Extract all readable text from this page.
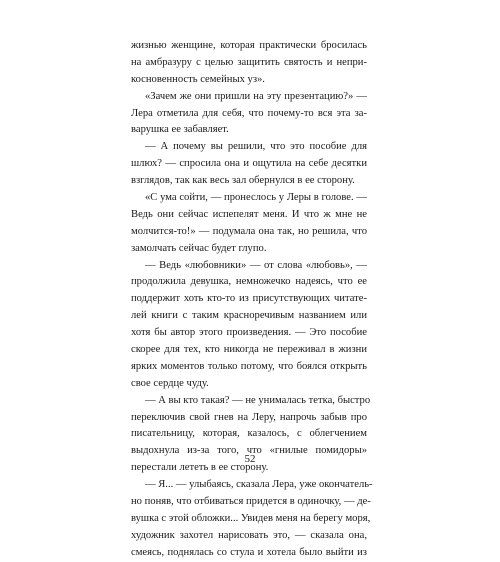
жизнью женщине, которая практически бросилась
на амбразуру с целью защитить святость и непри-
косновенность семейных уз».
«Зачем же они пришли на эту презентацию?» —
Лера отметила для себя, что почему-то вся эта за-
варушка ее забавляет.
— А почему вы решили, что это пособие для
шлюх? — спросила она и ощутила на себе десятки
взглядов, так как весь зал обернулся в ее сторону.
«С ума сойти, — пронеслось у Леры в голове. —
Ведь они сейчас испепелят меня. И что ж мне не
молчится-то!» — подумала она так, но решила, что
замолчать сейчас будет глупо.
— Ведь «любовники» — от слова «любовь», —
продолжила девушка, немножечко надеясь, что ее
поддержит хоть кто-то из присутствующих читате-
лей книги с таким красноречивым названием или
хотя бы автор этого произведения. — Это пособие
скорее для тех, кто никогда не переживал в жизни
ярких моментов только потому, что боялся открыть
свое сердце чуду.
— А вы кто такая? — не унималась тетка, быстро
переключив свой гнев на Леру, напрочь забыв про
писательницу, которая, казалось, с облегчением
выдохнула из-за того, что «гнилые помидоры»
перестали лететь в ее сторону.
— Я... — улыбаясь, сказала Лера, уже окончатель-
но поняв, что отбиваться придется в одиночку, — де-
вушка с этой обложки... Увидев меня на берегу моря,
художник захотел нарисовать это, — сказала она,
смеясь, поднялась со стула и хотела было выйти из
52
